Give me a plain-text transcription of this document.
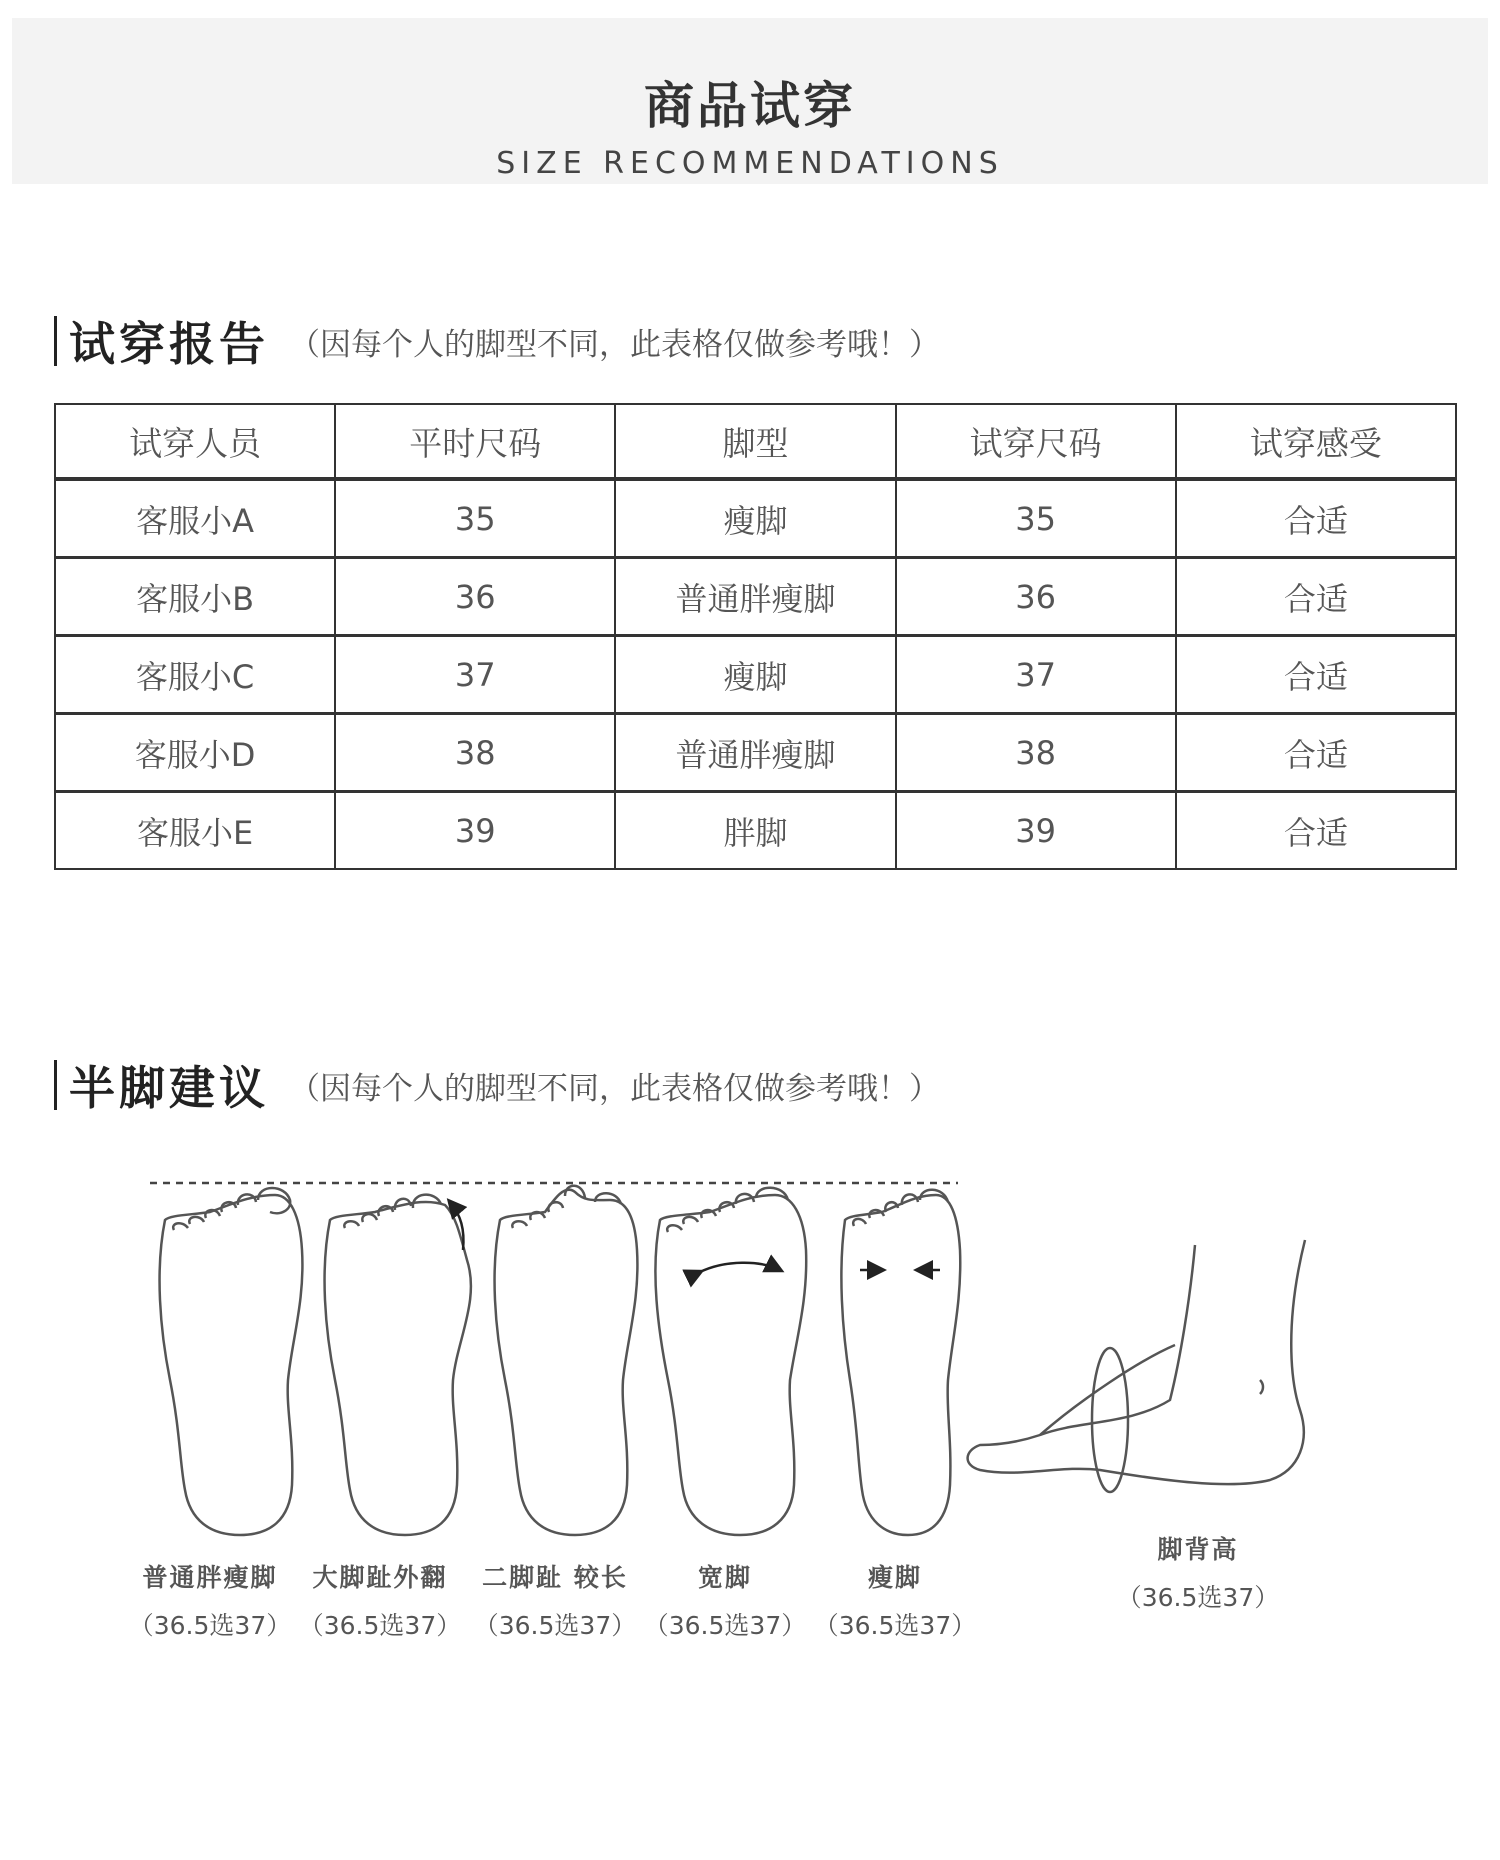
商品试穿
SIZE RECOMMENDATIONS
试穿报告 （因每个人的脚型不同，此表格仅做参考哦！）
试穿人员	平时尺码	脚型	试穿尺码	试穿感受
客服小A	35	瘦脚	35	合适
客服小B	36	普通胖瘦脚	36	合适
客服小C	37	瘦脚	37	合适
客服小D	38	普通胖瘦脚	38	合适
客服小E	39	胖脚	39	合适
半脚建议 （因每个人的脚型不同，此表格仅做参考哦！）
普通胖瘦脚
（36.5选37）
大脚趾外翻
（36.5选37）
二脚趾 较长
（36.5选37）
宽脚
（36.5选37）
瘦脚
（36.5选37）
脚背高
（36.5选37）
